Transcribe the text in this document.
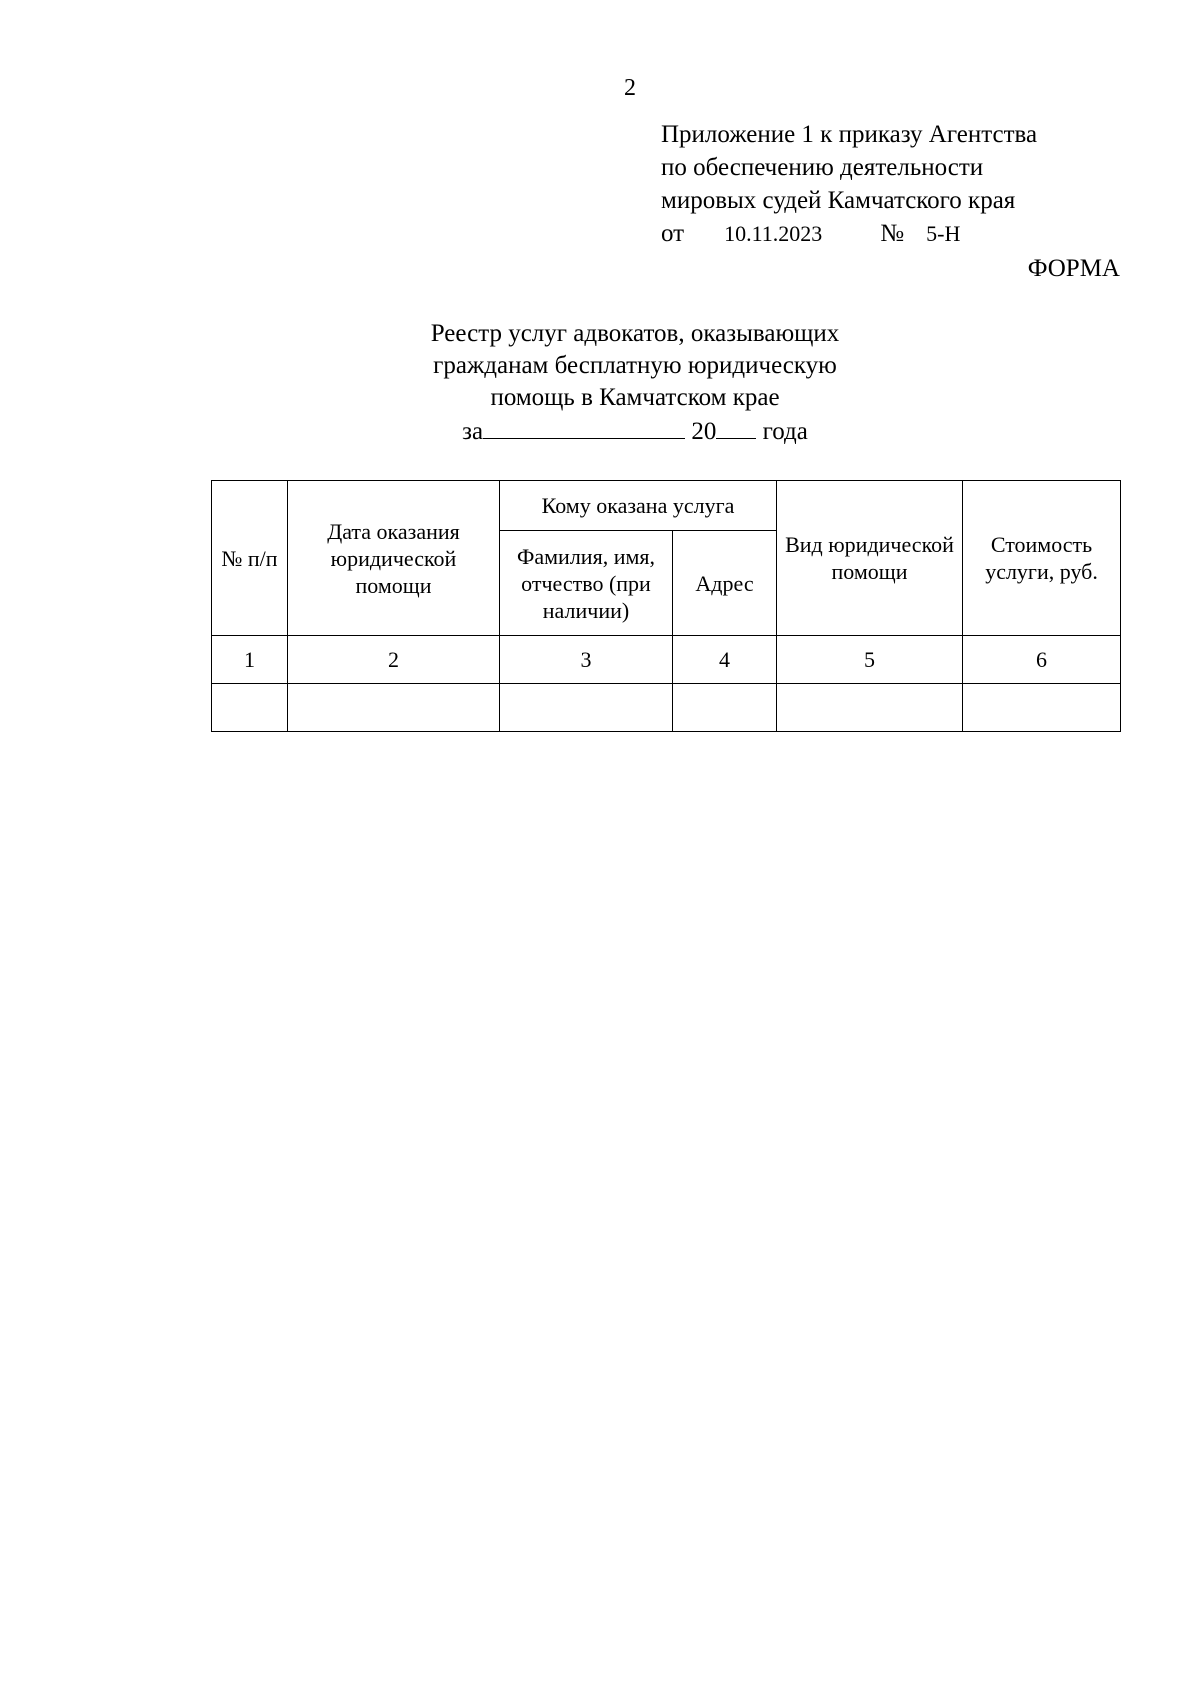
2
Приложение 1 к приказу Агентства
по обеспечению деятельности
мировых судей Камчатского края
от 10.11.2023 № 5-Н
ФОРМА
Реестр услуг адвокатов, оказывающих
гражданам бесплатную юридическую
помощь в Камчатском крае
за	20 года
№ п/п	Дата оказания юридической помощи	Кому оказана услуга		Вид юридической помощи	Стоимость услуги, руб.
		Фамилия, имя, отчество (при наличии)	Адрес		
1	2	3	4	5	6
